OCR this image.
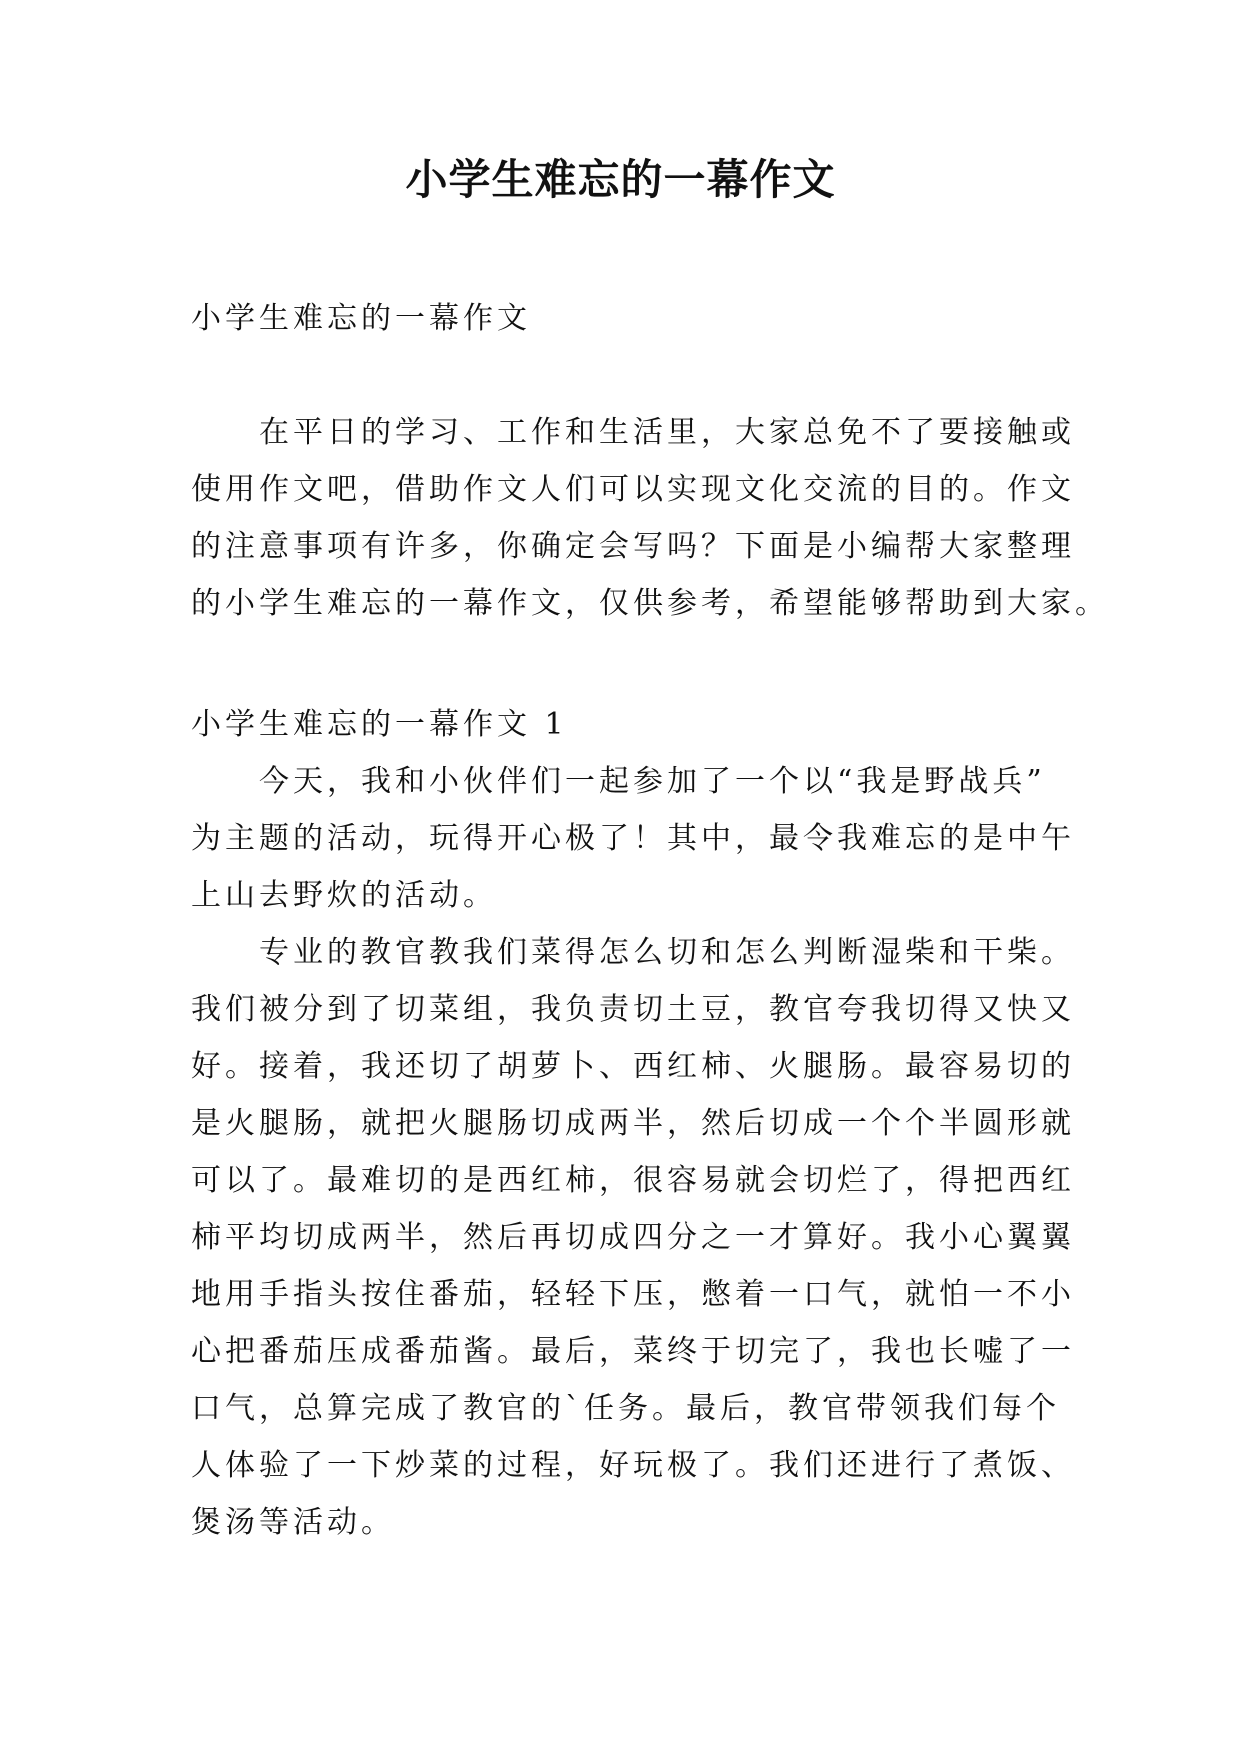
小学生难忘的一幕作文

小学生难忘的一幕作文

在平日的学习、工作和生活里，大家总免不了要接触或
使用作文吧，借助作文人们可以实现文化交流的目的。作文
的注意事项有许多，你确定会写吗？下面是小编帮大家整理
的小学生难忘的一幕作文，仅供参考，希望能够帮助到大家。

小学生难忘的一幕作文 1

今天，我和小伙伴们一起参加了一个以“我是野战兵”
为主题的活动，玩得开心极了！其中，最令我难忘的是中午
上山去野炊的活动。
专业的教官教我们菜得怎么切和怎么判断湿柴和干柴。
我们被分到了切菜组，我负责切土豆，教官夸我切得又快又
好。接着，我还切了胡萝卜、西红柿、火腿肠。最容易切的
是火腿肠，就把火腿肠切成两半，然后切成一个个半圆形就
可以了。最难切的是西红柿，很容易就会切烂了，得把西红
柿平均切成两半，然后再切成四分之一才算好。我小心翼翼
地用手指头按住番茄，轻轻下压，憋着一口气，就怕一不小
心把番茄压成番茄酱。最后，菜终于切完了，我也长嘘了一
口气，总算完成了教官的`任务。最后，教官带领我们每个
人体验了一下炒菜的过程，好玩极了。我们还进行了煮饭、
煲汤等活动。
